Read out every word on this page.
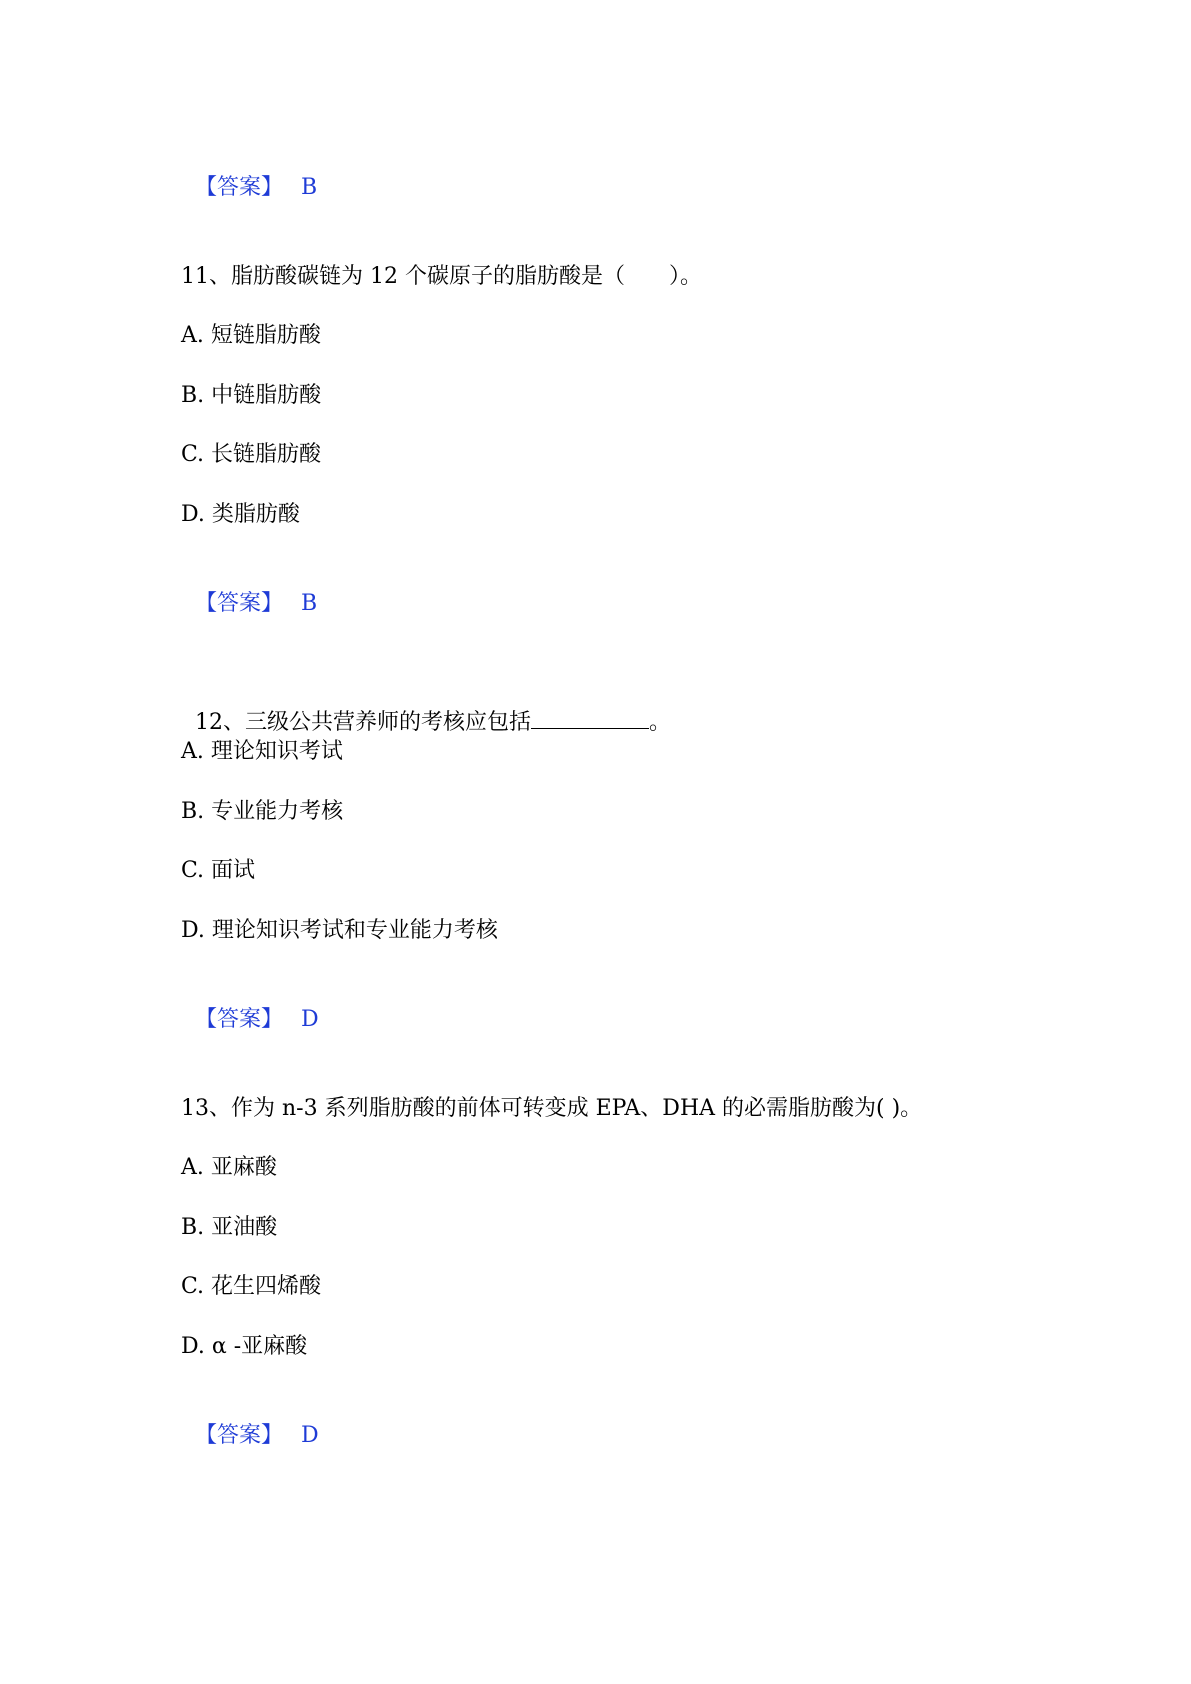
【答案】 B

11、脂肪酸碳链为 12 个碳原子的脂肪酸是（　　）。
A. 短链脂肪酸
B. 中链脂肪酸
C. 长链脂肪酸
D. 类脂肪酸

【答案】 B

12、三级公共营养师的考核应包括	。

A. 理论知识考试
B. 专业能力考核
C. 面试
D. 理论知识考试和专业能力考核

【答案】 D

13、作为 n-3 系列脂肪酸的前体可转变成 EPA、DHA 的必需脂肪酸为( )。
A. 亚麻酸
B. 亚油酸
C. 花生四烯酸
D. α -亚麻酸

【答案】 D
